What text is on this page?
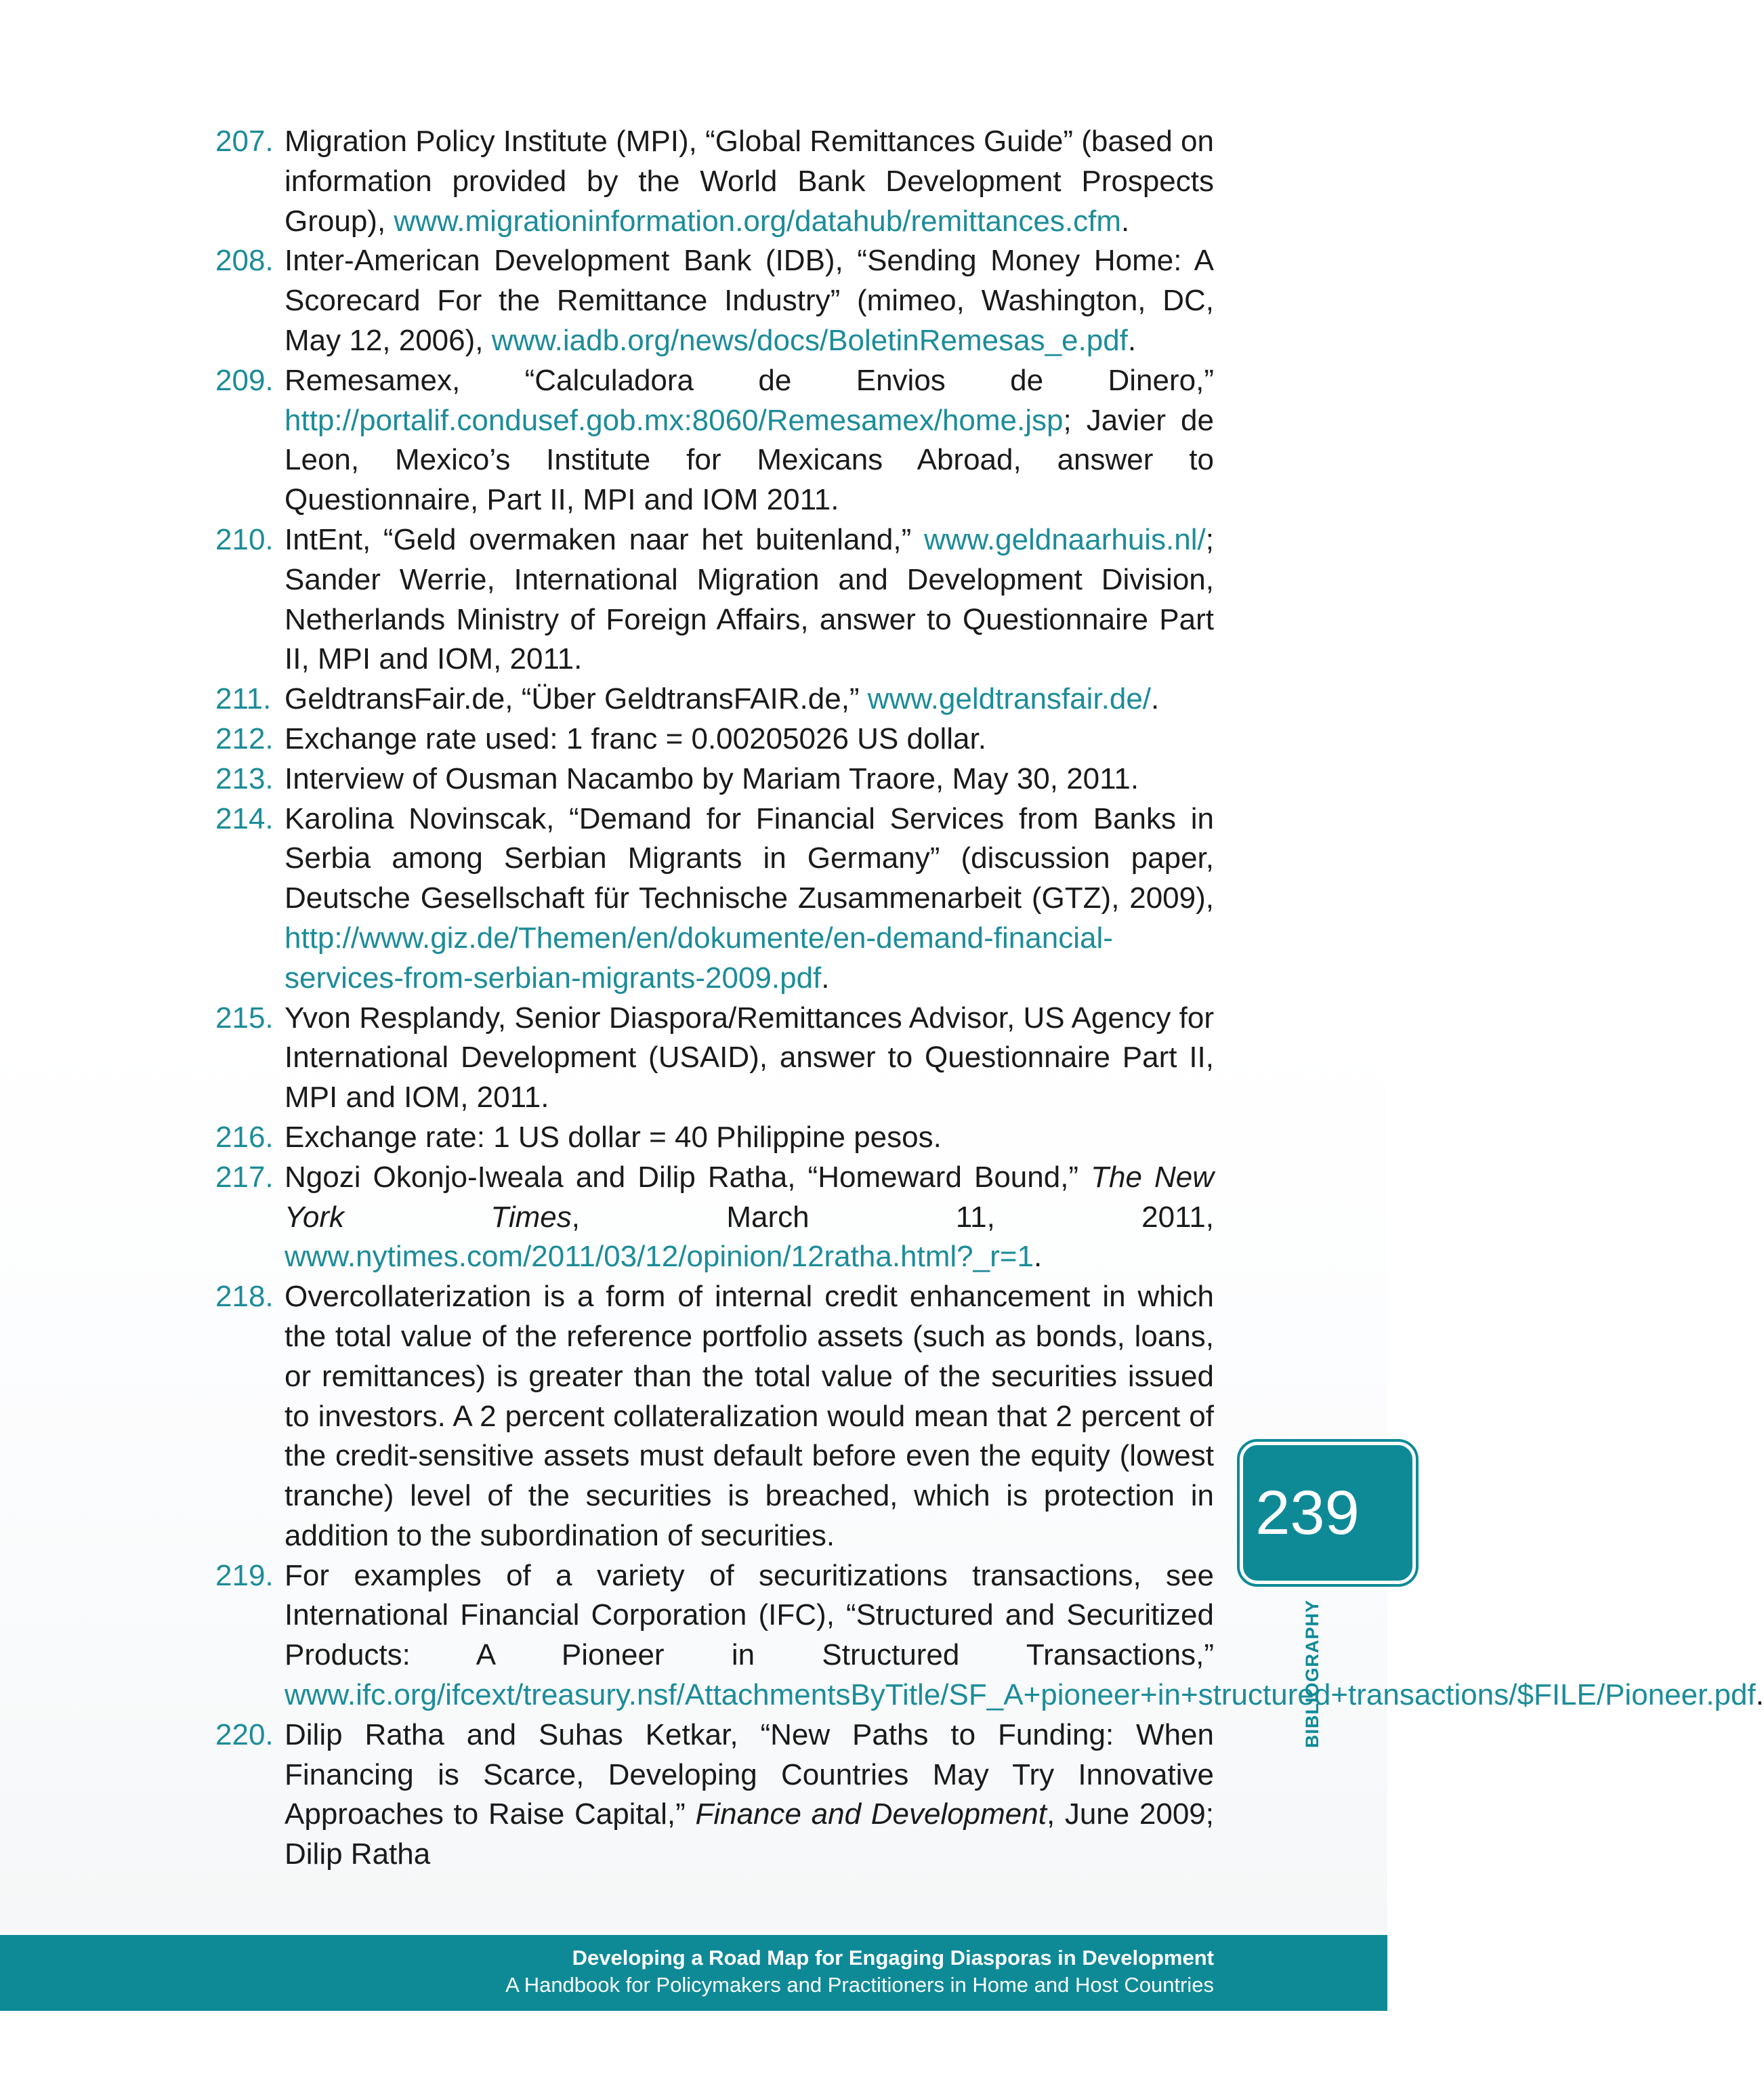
207. Migration Policy Institute (MPI), “Global Remittances Guide” (based on information provided by the World Bank Development Prospects Group), www.migrationinformation.org/datahub/remittances.cfm.
208. Inter-American Development Bank (IDB), “Sending Money Home: A Scorecard For the Remittance Industry” (mimeo, Washington, DC, May 12, 2006), www.iadb.org/news/docs/BoletinRemesas_e.pdf.
209. Remesamex, “Calculadora de Envios de Dinero,” http://portalif.condusef.gob.mx:8060/Remesamex/home.jsp; Javier de Leon, Mexico’s Institute for Mexicans Abroad, answer to Questionnaire, Part II, MPI and IOM 2011.
210. IntEnt, “Geld overmaken naar het buitenland,” www.geldnaarhuis.nl/; Sander Werrie, International Migration and Development Division, Netherlands Ministry of Foreign Affairs, answer to Questionnaire Part II, MPI and IOM, 2011.
211. GeldtransFair.de, “Über GeldtransFAIR.de,” www.geldtransfair.de/.
212. Exchange rate used: 1 franc = 0.00205026 US dollar.
213. Interview of Ousman Nacambo by Mariam Traore, May 30, 2011.
214. Karolina Novinscak, “Demand for Financial Services from Banks in Serbia among Serbian Migrants in Germany” (discussion paper, Deutsche Gesellschaft für Technische Zusammenarbeit (GTZ), 2009), http://www.giz.de/Themen/en/dokumente/en-demand-financial-services-from-serbian-migrants-2009.pdf.
215. Yvon Resplandy, Senior Diaspora/Remittances Advisor, US Agency for International Development (USAID), answer to Questionnaire Part II, MPI and IOM, 2011.
216. Exchange rate: 1 US dollar = 40 Philippine pesos.
217. Ngozi Okonjo-Iweala and Dilip Ratha, “Homeward Bound,” The New York Times, March 11, 2011, www.nytimes.com/2011/03/12/opinion/12ratha.html?_r=1.
218. Overcollaterization is a form of internal credit enhancement in which the total value of the reference portfolio assets (such as bonds, loans, or remittances) is greater than the total value of the securities issued to investors. A 2 percent collateralization would mean that 2 percent of the credit-sensitive assets must default before even the equity (lowest tranche) level of the securities is breached, which is protection in addition to the subordination of securities.
219. For examples of a variety of securitizations transactions, see International Financial Corporation (IFC), “Structured and Securitized Products: A Pioneer in Structured Transactions,” www.ifc.org/ifcext/treasury.nsf/AttachmentsByTitle/SF_A+pioneer+in+structured+transactions/$FILE/Pioneer.pdf.
220. Dilip Ratha and Suhas Ketkar, “New Paths to Funding: When Financing is Scarce, Developing Countries May Try Innovative Approaches to Raise Capital,” Finance and Development, June 2009; Dilip Ratha
239
BIBLIOGRAPHY
Developing a Road Map for Engaging Diasporas in Development
A Handbook for Policymakers and Practitioners in Home and Host Countries
